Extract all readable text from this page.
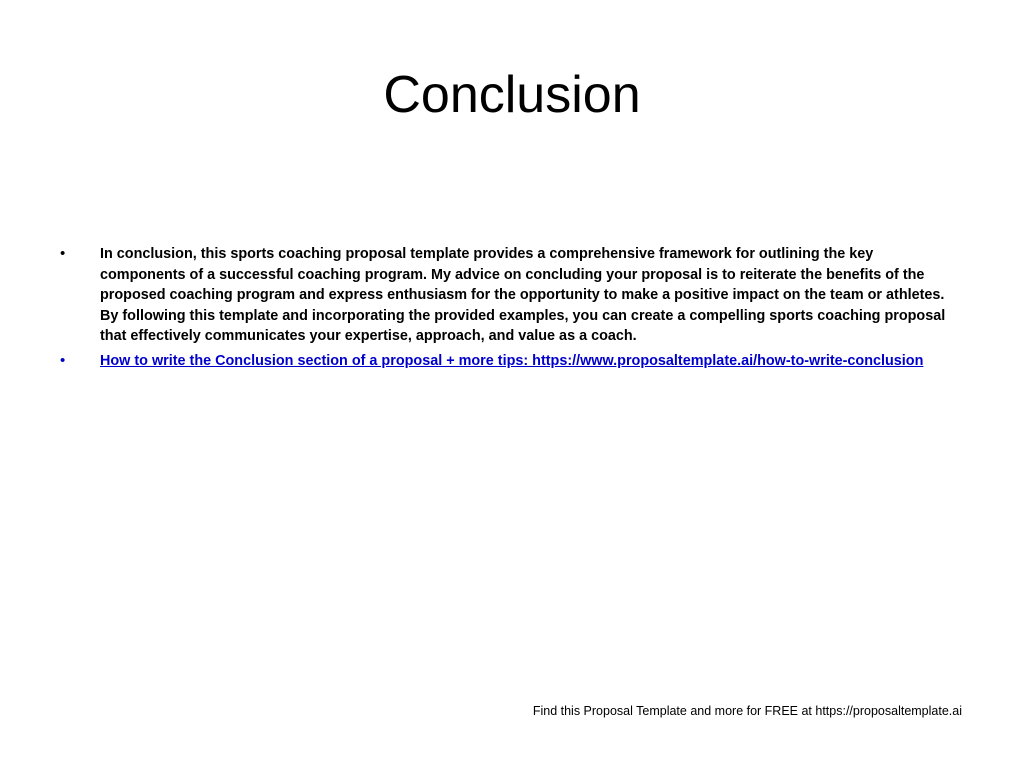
Conclusion
•	In conclusion, this sports coaching proposal template provides a comprehensive framework for outlining the key components of a successful coaching program. My advice on concluding your proposal is to reiterate the benefits of the proposed coaching program and express enthusiasm for the opportunity to make a positive impact on the team or athletes. By following this template and incorporating the provided examples, you can create a compelling sports coaching proposal that effectively communicates your expertise, approach, and value as a coach.
•	How to write the Conclusion section of a proposal + more tips: https://www.proposaltemplate.ai/how-to-write-conclusion
Find this Proposal Template and more for FREE at https://proposaltemplate.ai
